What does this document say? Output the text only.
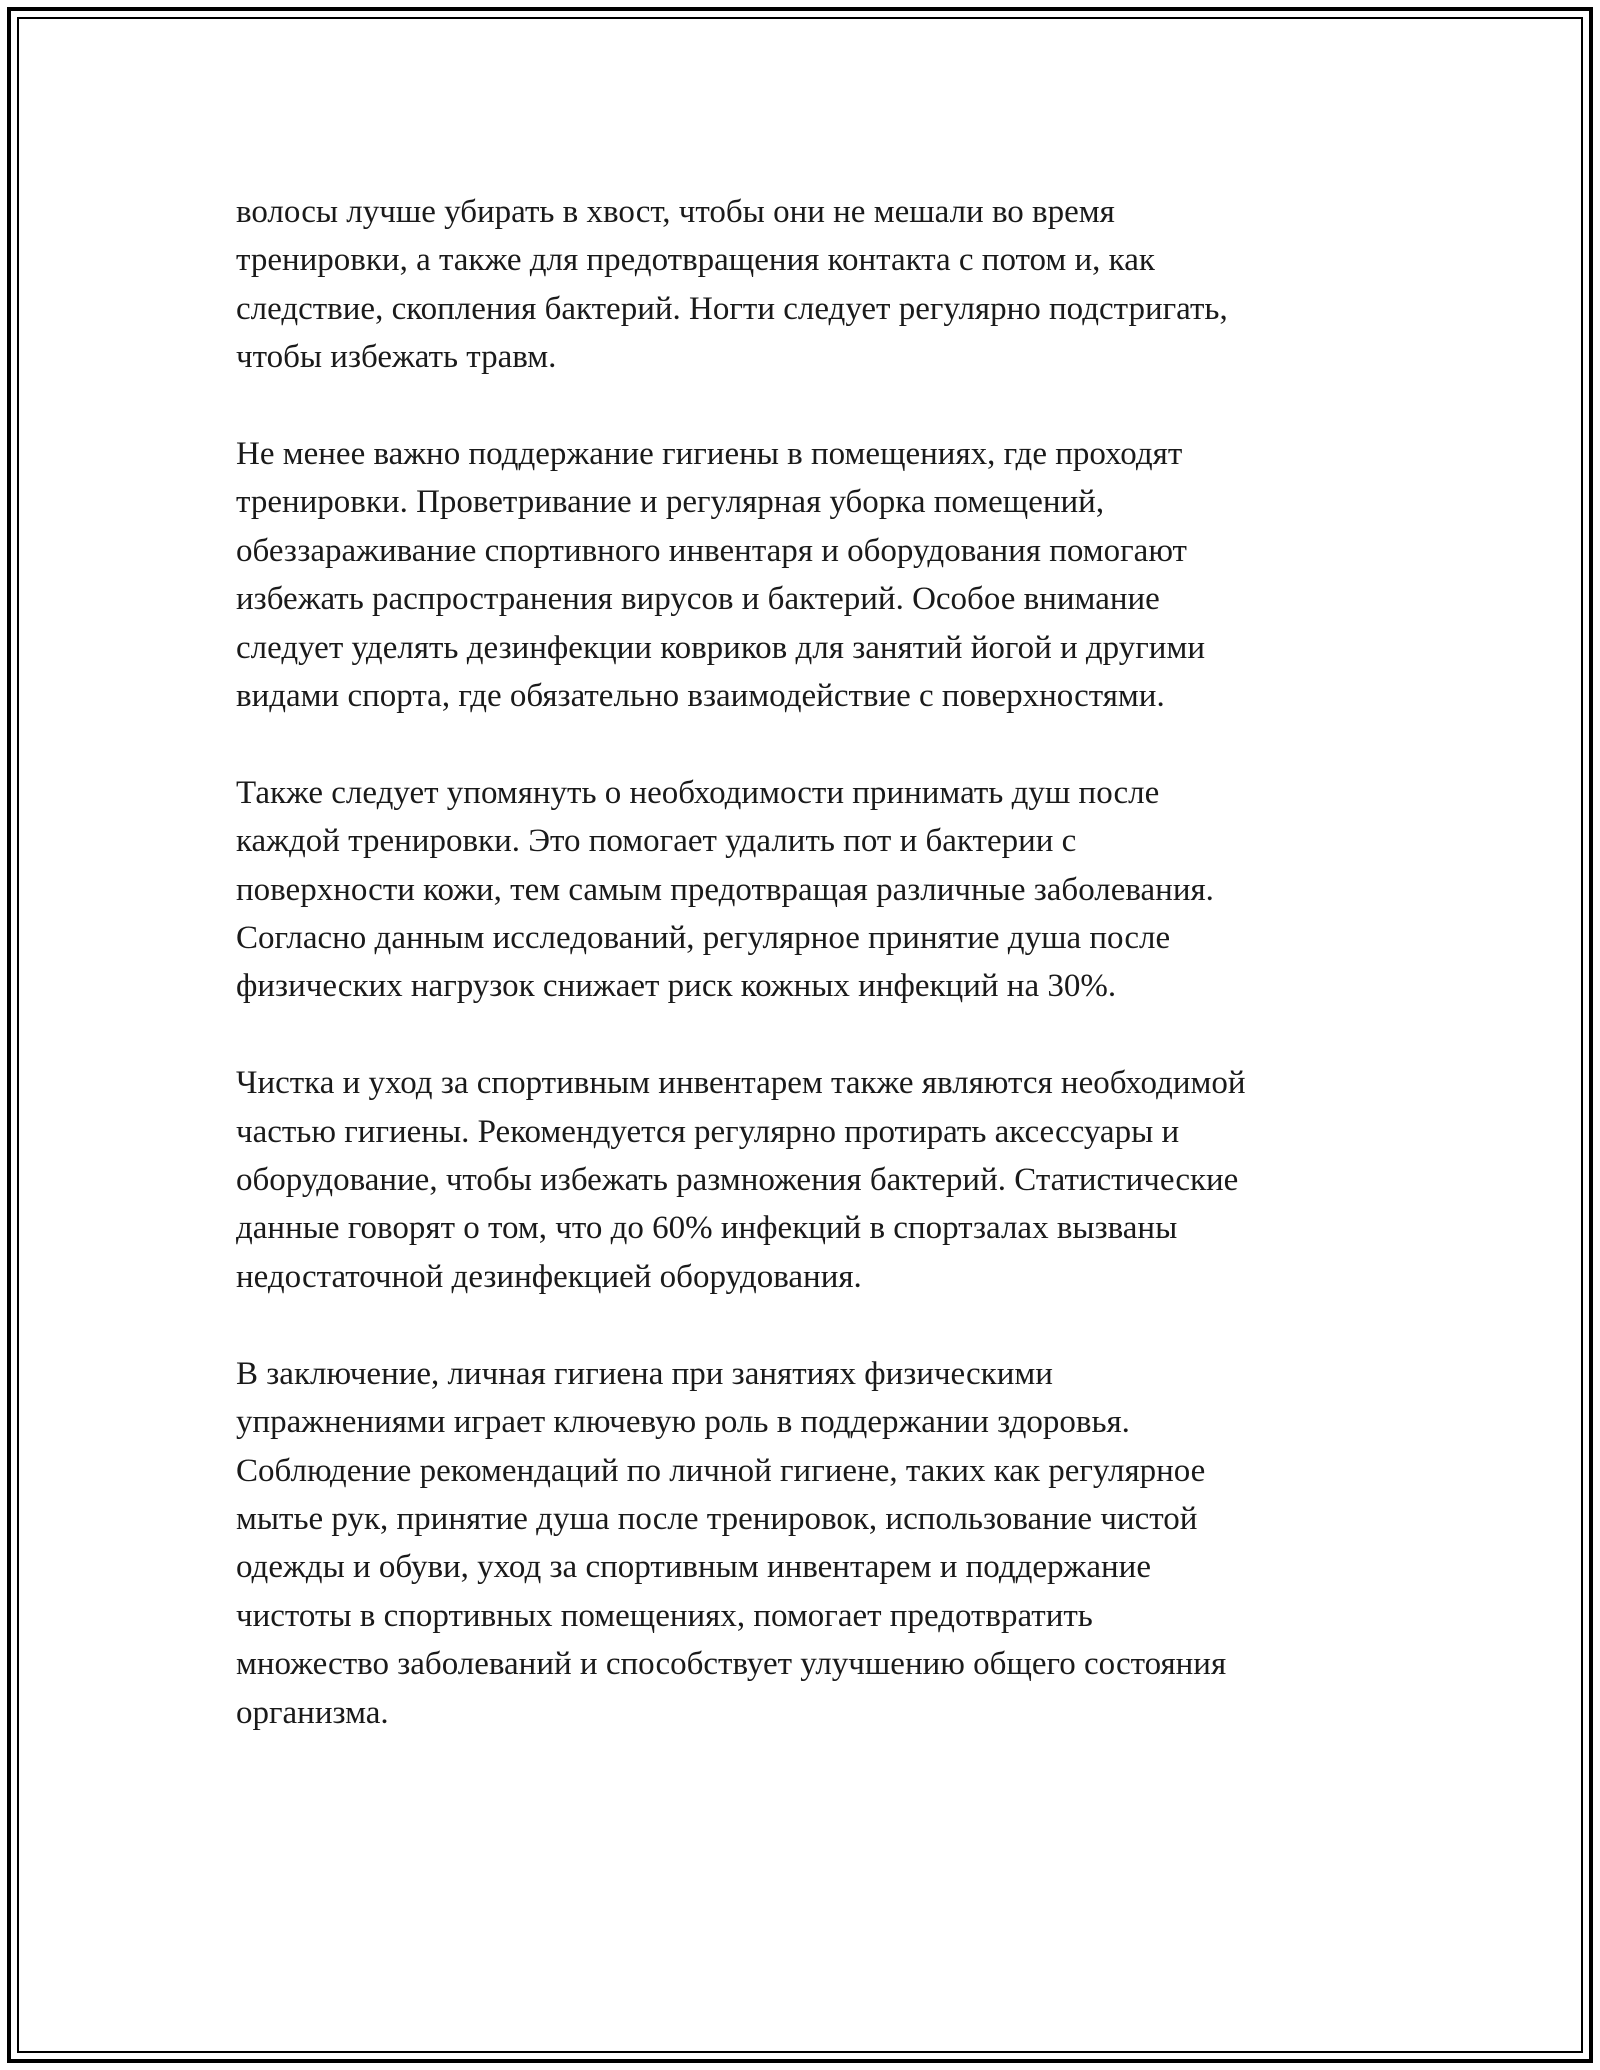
волосы лучше убирать в хвост, чтобы они не мешали во время
тренировки, а также для предотвращения контакта с потом и, как
следствие, скопления бактерий. Ногти следует регулярно подстригать,
чтобы избежать травм.

Не менее важно поддержание гигиены в помещениях, где проходят
тренировки. Проветривание и регулярная уборка помещений,
обеззараживание спортивного инвентаря и оборудования помогают
избежать распространения вирусов и бактерий. Особое внимание
следует уделять дезинфекции ковриков для занятий йогой и другими
видами спорта, где обязательно взаимодействие с поверхностями.

Также следует упомянуть о необходимости принимать душ после
каждой тренировки. Это помогает удалить пот и бактерии с
поверхности кожи, тем самым предотвращая различные заболевания.
Согласно данным исследований, регулярное принятие душа после
физических нагрузок снижает риск кожных инфекций на 30%.

Чистка и уход за спортивным инвентарем также являются необходимой
частью гигиены. Рекомендуется регулярно протирать аксессуары и
оборудование, чтобы избежать размножения бактерий. Статистические
данные говорят о том, что до 60% инфекций в спортзалах вызваны
недостаточной дезинфекцией оборудования.

В заключение, личная гигиена при занятиях физическими
упражнениями играет ключевую роль в поддержании здоровья.
Соблюдение рекомендаций по личной гигиене, таких как регулярное
мытье рук, принятие душа после тренировок, использование чистой
одежды и обуви, уход за спортивным инвентарем и поддержание
чистоты в спортивных помещениях, помогает предотвратить
множество заболеваний и способствует улучшению общего состояния
организма.
